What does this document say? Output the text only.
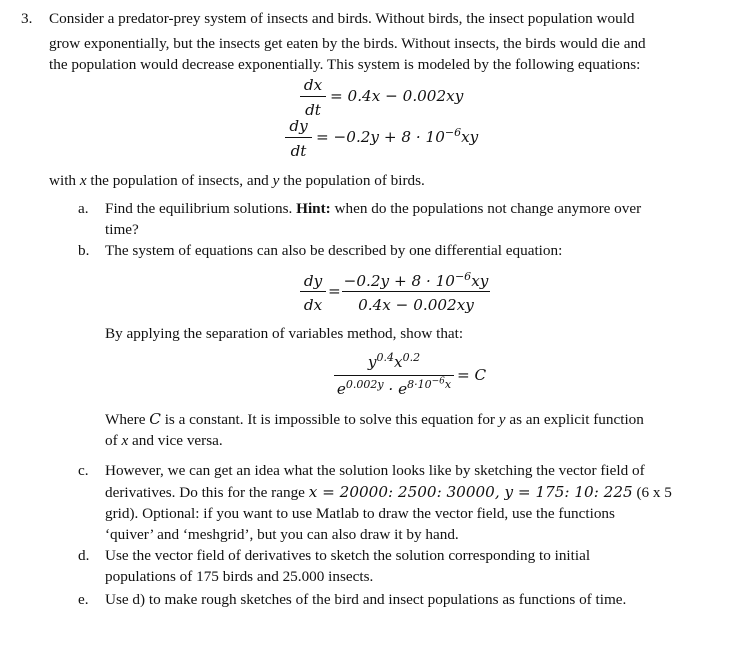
3. Consider a predator-prey system of insects and birds. Without birds, the insect population would
grow exponentially, but the insects get eaten by the birds. Without insects, the birds would die and
the population would decrease exponentially. This system is modeled by the following equations:
dx
dt
= 0.4x − 0.002xy
dy
dt
= $-0.2y + 8 \cdot 10^{-6}xy$
with x the population of insects, and y the population of birds.
a. Find the equilibrium solutions. Hint: when do the populations not change anymore over
time?
b. The system of equations can also be described by one differential equation:
dy
dx
=
$-0.2y + 8 \cdot 10^{-6}xy$
0.4x − 0.002xy
By applying the separation of variables method, show that:
$y^{0.4}x^{0.2}$
$e^{0.002y} \cdot e^{8\cdot 10^{-6}x}$
= C
Where C is a constant. It is impossible to solve this equation for y as an explicit function
of x and vice versa.
c. However, we can get an idea what the solution looks like by sketching the vector field of
derivatives. Do this for the range x = 20000: 2500: 30000, y = 175: 10: 225 (6 x 5
grid). Optional: if you want to use Matlab to draw the vector field, use the functions
‘quiver’ and ‘meshgrid’, but you can also draw it by hand.
d. Use the vector field of derivatives to sketch the solution corresponding to initial
populations of 175 birds and 25.000 insects.
e. Use d) to make rough sketches of the bird and insect populations as functions of time.
